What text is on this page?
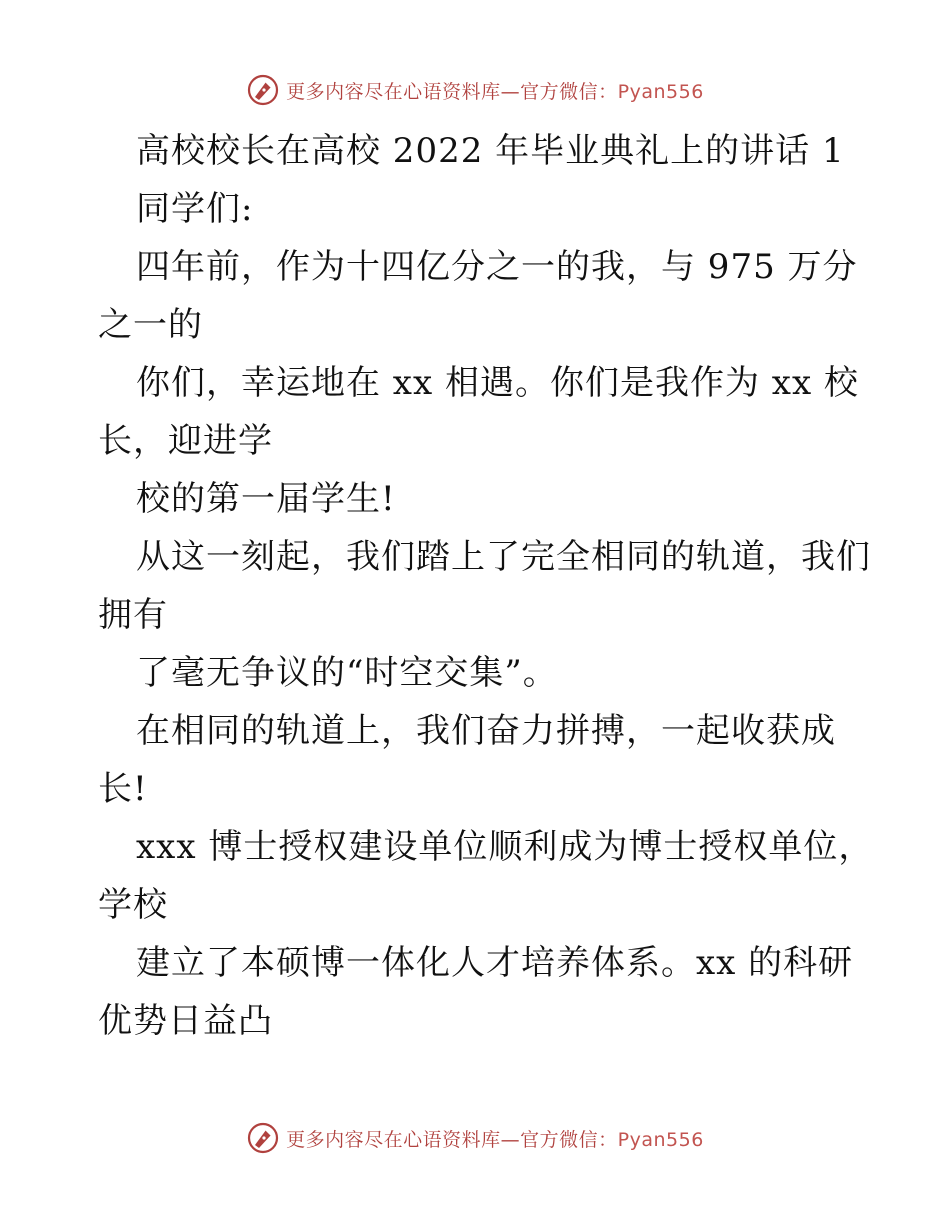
更多内容尽在心语资料库—官方微信：Pyan556
高校校长在高校 2022 年毕业典礼上的讲话 1
同学们:
四年前，作为十四亿分之一的我，与 975 万分
之一的
你们，幸运地在 xx 相遇。你们是我作为 xx 校
长，迎进学
校的第一届学生!
从这一刻起，我们踏上了完全相同的轨道，我们
拥有
了毫无争议的“时空交集”。
在相同的轨道上，我们奋力拼搏，一起收获成
长!
xxx 博士授权建设单位顺利成为博士授权单位，
学校
建立了本硕博一体化人才培养体系。xx 的科研
优势日益凸
更多内容尽在心语资料库—官方微信：Pyan556
